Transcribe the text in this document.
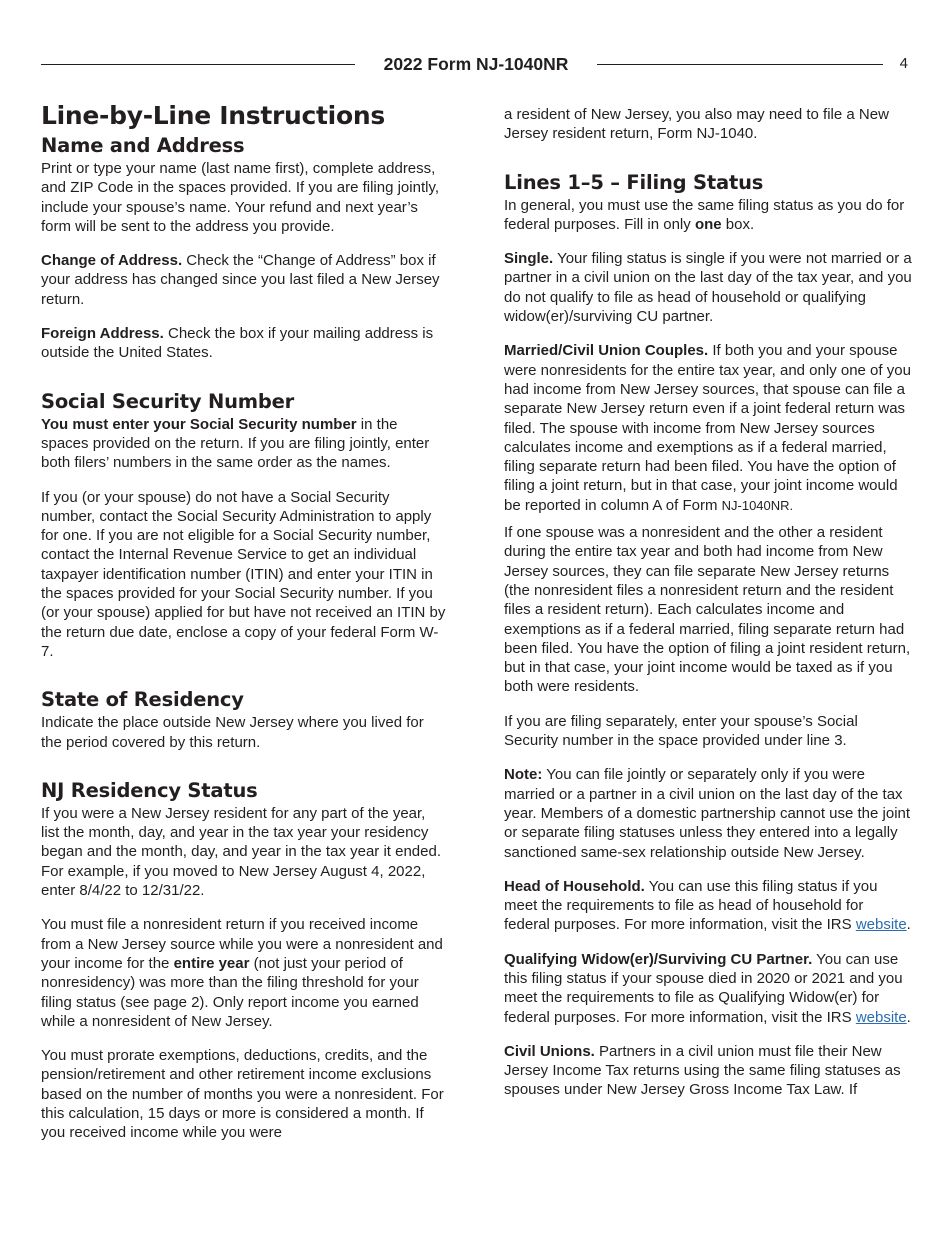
2022 Form NJ-1040NR	4
Line-by-Line Instructions
Name and Address

Print or type your name (last name first), complete address, and ZIP Code in the spaces provided. If you are filing jointly, include your spouse’s name. Your refund and next year’s form will be sent to the address you provide.

Change of Address. Check the “Change of Address” box if your address has changed since you last filed a New Jersey return.

Foreign Address. Check the box if your mailing address is outside the United States.

Social Security Number

You must enter your Social Security number in the spaces provided on the return. If you are filing jointly, enter both filers’ numbers in the same order as the names.

If you (or your spouse) do not have a Social Security number, contact the Social Security Administration to apply for one. If you are not eligible for a Social Security number, contact the Internal Revenue Service to get an individual taxpayer identification number (ITIN) and enter your ITIN in the spaces provided for your Social Security number. If you (or your spouse) applied for but have not received an ITIN by the return due date, enclose a copy of your federal Form W-7.

State of Residency

Indicate the place outside New Jersey where you lived for the period covered by this return.

NJ Residency Status

If you were a New Jersey resident for any part of the year, list the month, day, and year in the tax year your residency began and the month, day, and year in the tax year it ended. For example, if you moved to New Jersey August 4, 2022, enter 8/4/22 to 12/31/22.

You must file a nonresident return if you received income from a New Jersey source while you were a nonresident and your income for the entire year (not just your period of nonresidency) was more than the filing threshold for your filing status (see page 2). Only report income you earned while a nonresident of New Jersey.

You must prorate exemptions, deductions, credits, and the pension/retirement and other retirement income exclusions based on the number of months you were a nonresident. For this calculation, 15 days or more is considered a month. If you received income while you were

a resident of New Jersey, you also may need to file a New Jersey resident return, Form NJ-1040.

Lines 1–5 – Filing Status

In general, you must use the same filing status as you do for federal purposes. Fill in only one box.

Single. Your filing status is single if you were not married or a partner in a civil union on the last day of the tax year, and you do not qualify to file as head of household or qualifying widow(er)/surviving CU partner.

Married/Civil Union Couples. If both you and your spouse were nonresidents for the entire tax year, and only one of you had income from New Jersey sources, that spouse can file a separate New Jersey return even if a joint federal return was filed. The spouse with income from New Jersey sources calculates income and exemptions as if a federal married, filing separate return had been filed. You have the option of filing a joint return, but in that case, your joint income would be reported in column A of Form NJ-1040NR.

If one spouse was a nonresident and the other a resident during the entire tax year and both had income from New Jersey sources, they can file separate New Jersey returns (the nonresident files a nonresident return and the resident files a resident return). Each calculates income and exemptions as if a federal married, filing separate return had been filed. You have the option of filing a joint resident return, but in that case, your joint income would be taxed as if you both were residents.

If you are filing separately, enter your spouse’s Social Security number in the space provided under line 3.

Note: You can file jointly or separately only if you were married or a partner in a civil union on the last day of the tax year. Members of a domestic partnership cannot use the joint or separate filing statuses unless they entered into a legally sanctioned same-sex relationship outside New Jersey.

Head of Household. You can use this filing status if you meet the requirements to file as head of household for federal purposes. For more information, visit the IRS website.

Qualifying Widow(er)/Surviving CU Partner. You can use this filing status if your spouse died in 2020 or 2021 and you meet the requirements to file as Qualifying Widow(er) for federal purposes. For more information, visit the IRS website.

Civil Unions. Partners in a civil union must file their New Jersey Income Tax returns using the same filing statuses as spouses under New Jersey Gross Income Tax Law. If
